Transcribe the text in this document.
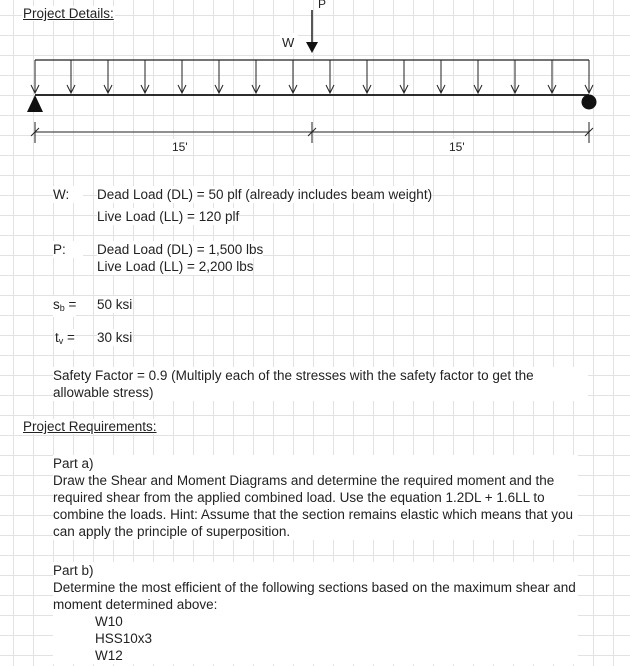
Project Details:
P
W
15'	15'
W:	Dead Load (DL) = 50 plf (already includes beam weight)
Live Load (LL) = 120 plf
P:	Dead Load (DL) = 1,500 lbs
Live Load (LL) = 2,200 lbs
$s_b = 50$ ksi
$t_v = 30$ ksi
Safety Factor = 0.9 (Multiply each of the stresses with the safety factor to get the allowable stress)
Project Requirements:
Part a)
Draw the Shear and Moment Diagrams and determine the required moment and the required shear from the applied combined load. Use the equation 1.2DL + 1.6LL to combine the loads. Hint: Assume that the section remains elastic which means that you can apply the principle of superposition.
Part b)
Determine the most efficient of the following sections based on the maximum shear and moment determined above:
W10
HSS10x3
W12
